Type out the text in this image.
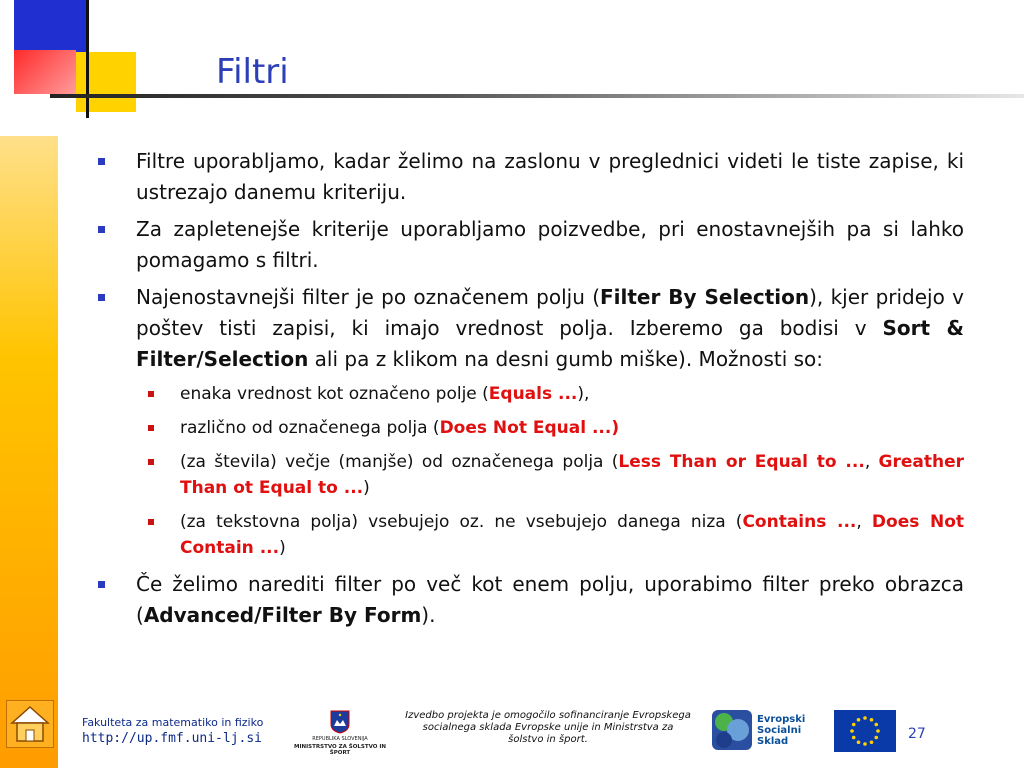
Filtri
Filtre uporabljamo, kadar želimo na zaslonu v preglednici videti le tiste zapise, ki ustrezajo danemu kriteriju.
Za zapletenejše kriterije uporabljamo poizvedbe, pri enostavnejših pa si lahko pomagamo s filtri.
Najenostavnejši filter je po označenem polju (Filter By Selection), kjer pridejo v poštev tisti zapisi, ki imajo vrednost polja. Izberemo ga bodisi v Sort & Filter/Selection ali pa z klikom na desni gumb miške). Možnosti so:
enaka vrednost kot označeno polje (Equals ...),
različno od označenega polja (Does Not Equal ...)
(za števila) večje (manjše) od označenega polja (Less Than or Equal to ..., Greather Than ot Equal to ...)
(za tekstovna polja) vsebujejo oz. ne vsebujejo danega niza (Contains ..., Does Not Contain ...)
Če želimo narediti filter po več kot enem polju, uporabimo filter preko obrazca (Advanced/Filter By Form).
Fakulteta za matematiko in fiziko
http://up.fmf.uni-lj.si	REPUBLIKA SLOVENIJA
MINISTRSTVO ZA ŠOLSTVO IN ŠPORT
Izvedbo projekta je omogočilo sofinanciranje Evropskega socialnega sklada Evropske unije in Ministrstva za šolstvo in šport.
Evropski
Socialni
Sklad	27
